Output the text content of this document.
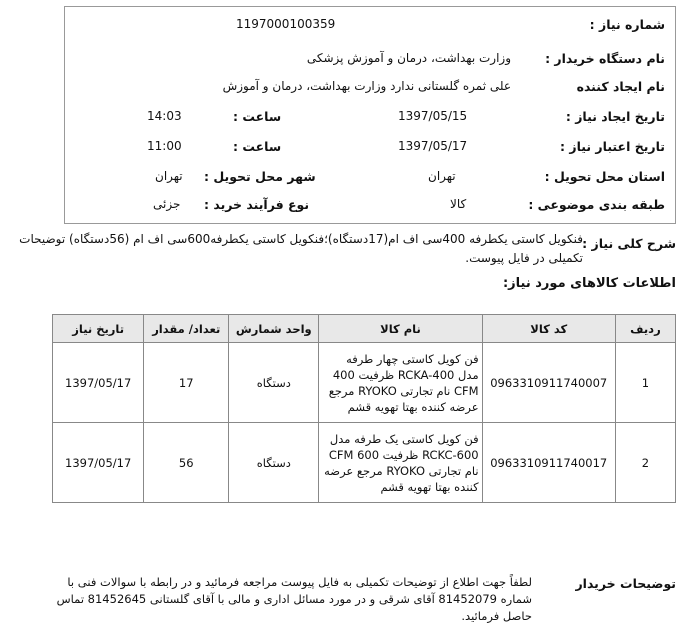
شماره نیاز :
1197000100359
نام دستگاه خریدار :
وزارت بهداشت، درمان و آموزش پزشکی
نام ایجاد کننده
علی ثمره گلستانی ندارد وزارت بهداشت، درمان و آموزش
تاریخ ایجاد نیاز :
1397/05/15
ساعت :
14:03
تاریخ اعتبار نیاز :
1397/05/17
ساعت :
11:00
استان محل تحویل :
تهران
شهر محل تحویل :
تهران
طبقه بندی موضوعی :
کالا
نوع فرآیند خرید :
جزئی
شرح کلی نیاز :
فنکویل کاستی یکطرفه 400سی اف ام(17دستگاه)؛فنکویل کاستی یکطرفه600سی اف ام (56دستگاه) توضیحات تکمیلی در فایل پیوست.
اطلاعات کالاهای مورد نیاز:
ردیف	کد کالا	نام کالا	واحد شمارش	تعداد/ مقدار	تاریخ نیاز
1	0963310911740007	فن کویل کاستی چهار طرفه مدل RCKA-400 ظرفیت 400 CFM نام تجارتی RYOKO مرجع عرضه کننده بهتا تهویه قشم	دستگاه	17	1397/05/17
2	0963310911740017	فن کویل کاستی یک طرفه مدل RCKC-600 ظرفیت 600 CFM نام تجارتی RYOKO مرجع عرضه کننده بهتا تهویه قشم	دستگاه	56	1397/05/17
توضیحات خریدار
لطفاً جهت اطلاع از توضیحات تکمیلی به فایل پیوست مراجعه فرمائید و در رابطه با سوالات فنی با شماره 81452079 آقای شرقی و در مورد مسائل اداری و مالی با آقای گلستانی 81452645 تماس حاصل فرمائید.
